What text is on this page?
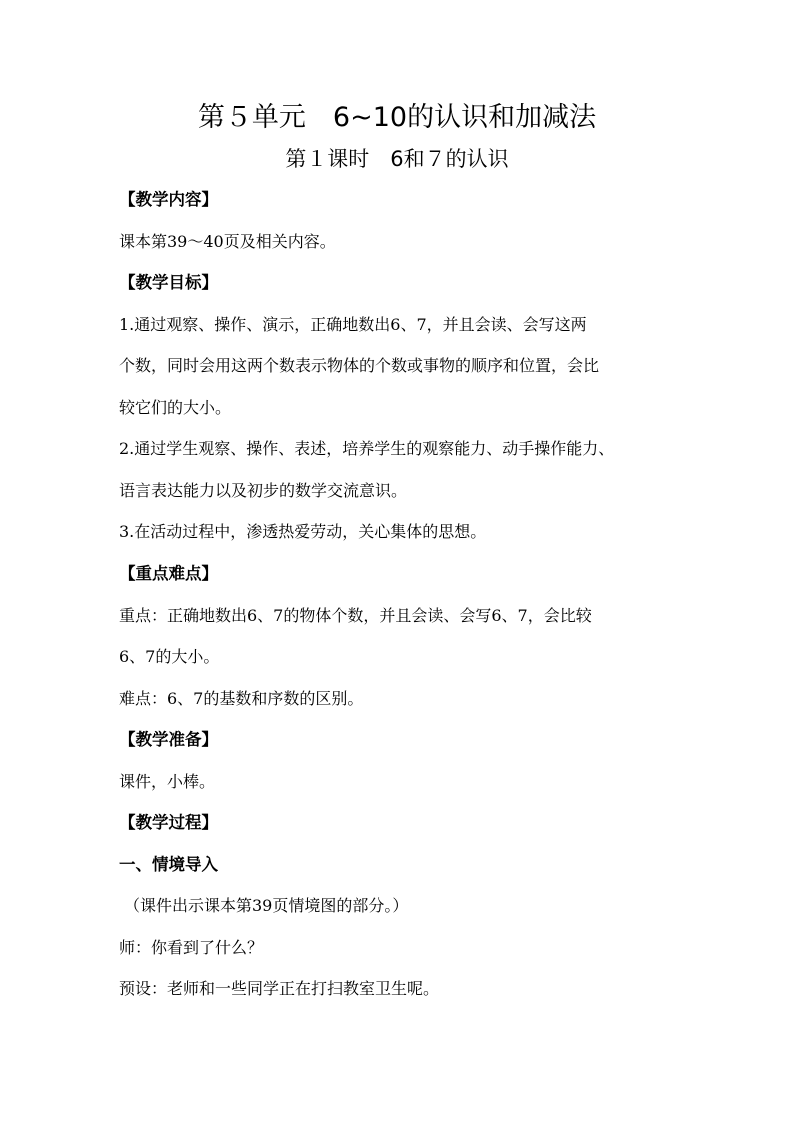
第５单元　6~10的认识和加减法
第１课时　6和７的认识
【教学内容】
课本第39～40页及相关内容。
【教学目标】
1.通过观察、操作、演示，正确地数出6、7，并且会读、会写这两
个数，同时会用这两个数表示物体的个数或事物的顺序和位置，会比
较它们的大小。
2.通过学生观察、操作、表述，培养学生的观察能力、动手操作能力、
语言表达能力以及初步的数学交流意识。
3.在活动过程中，渗透热爱劳动，关心集体的思想。
【重点难点】
重点：正确地数出6、7的物体个数，并且会读、会写6、7，会比较
6、7的大小。
难点：6、7的基数和序数的区别。
【教学准备】
课件，小棒。
【教学过程】
一、情境导入
（课件出示课本第39页情境图的部分。）
师：你看到了什么？
预设：老师和一些同学正在打扫教室卫生呢。
